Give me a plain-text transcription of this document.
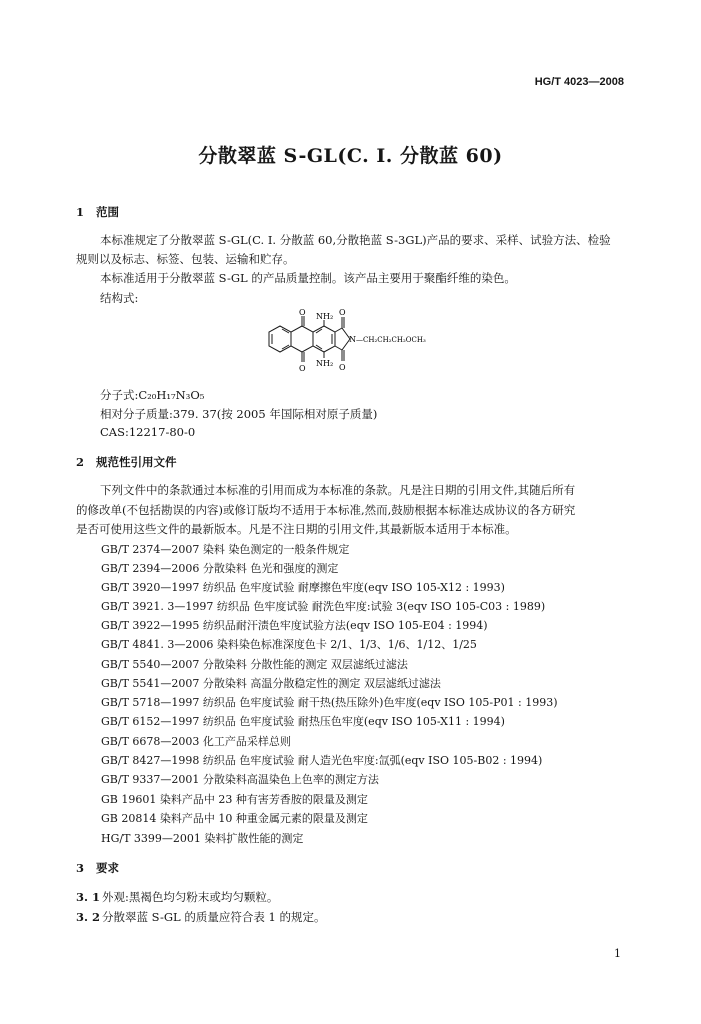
HG/T 4023—2008
分散翠蓝 S-GL(C. I. 分散蓝 60)
1 范围
本标准规定了分散翠蓝 S-GL(C. I. 分散蓝 60,分散艳蓝 S-3GL)产品的要求、采样、试验方法、检验
规则以及标志、标签、包装、运输和贮存。
本标准适用于分散翠蓝 S-GL 的产品质量控制。该产品主要用于聚酯纤维的染色。
结构式:
O
O
O
O
NH₂
NH₂
N —CH₂CH₂CH₂OCH₃
分子式:C₂₀H₁₇N₃O₅
相对分子质量:379. 37(按 2005 年国际相对原子质量)
CAS:12217-80-0
2 规范性引用文件
下列文件中的条款通过本标准的引用而成为本标准的条款。凡是注日期的引用文件,其随后所有
的修改单(不包括勘误的内容)或修订版均不适用于本标准,然而,鼓励根据本标准达成协议的各方研究
是否可使用这些文件的最新版本。凡是不注日期的引用文件,其最新版本适用于本标准。
GB/T 2374—2007 染料 染色测定的一般条件规定
GB/T 2394—2006 分散染料 色光和强度的测定
GB/T 3920—1997 纺织品 色牢度试验 耐摩擦色牢度(eqv ISO 105-X12 : 1993)
GB/T 3921. 3—1997 纺织品 色牢度试验 耐洗色牢度:试验 3(eqv ISO 105-C03 : 1989)
GB/T 3922—1995 纺织品耐汗渍色牢度试验方法(eqv ISO 105-E04 : 1994)
GB/T 4841. 3—2006 染料染色标准深度色卡 2/1、1/3、1/6、1/12、1/25
GB/T 5540—2007 分散染料 分散性能的测定 双层滤纸过滤法
GB/T 5541—2007 分散染料 高温分散稳定性的测定 双层滤纸过滤法
GB/T 5718—1997 纺织品 色牢度试验 耐干热(热压除外)色牢度(eqv ISO 105-P01 : 1993)
GB/T 6152—1997 纺织品 色牢度试验 耐热压色牢度(eqv ISO 105-X11 : 1994)
GB/T 6678—2003 化工产品采样总则
GB/T 8427—1998 纺织品 色牢度试验 耐人造光色牢度:氙弧(eqv ISO 105-B02 : 1994)
GB/T 9337—2001 分散染料高温染色上色率的测定方法
GB 19601 染料产品中 23 种有害芳香胺的限量及测定
GB 20814 染料产品中 10 种重金属元素的限量及测定
HG/T 3399—2001 染料扩散性能的测定
3 要求
3. 1 外观:黑褐色均匀粉末或均匀颗粒。
3. 2 分散翠蓝 S-GL 的质量应符合表 1 的规定。
1
